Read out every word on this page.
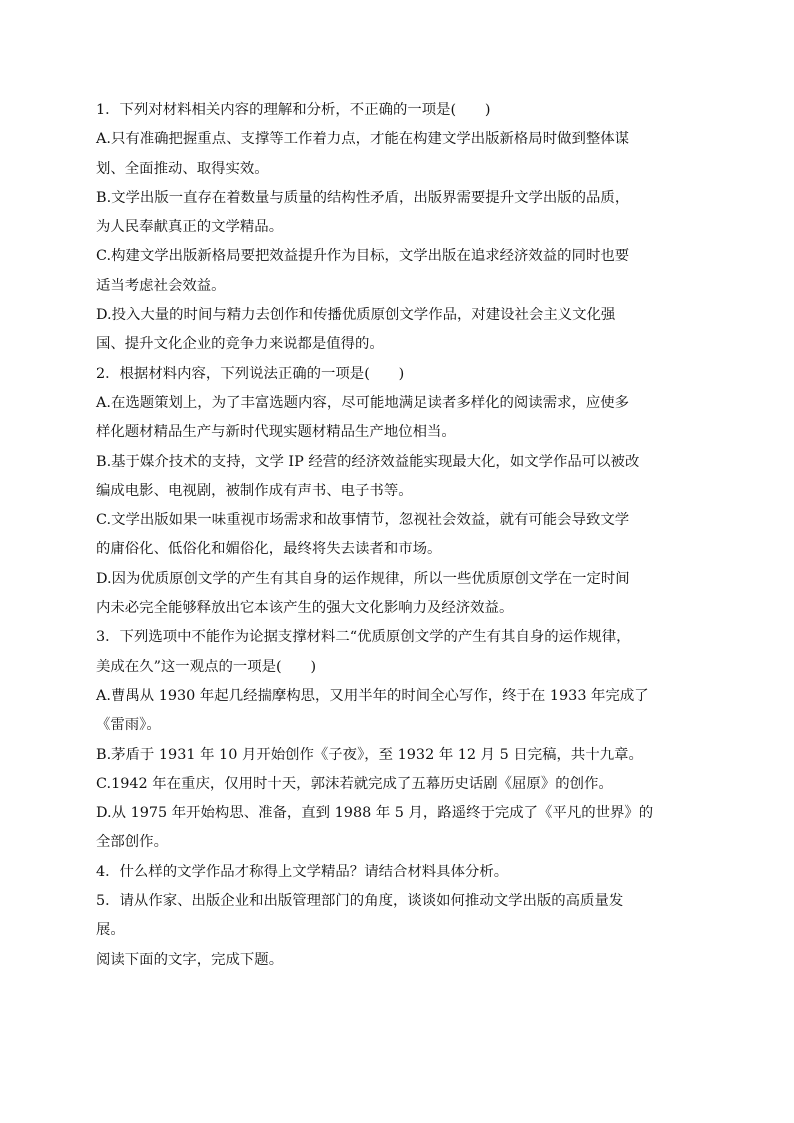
1．下列对材料相关内容的理解和分析，不正确的一项是(　　)

A.只有准确把握重点、支撑等工作着力点，才能在构建文学出版新格局时做到整体谋

划、全面推动、取得实效。

B.文学出版一直存在着数量与质量的结构性矛盾，出版界需要提升文学出版的品质，

为人民奉献真正的文学精品。

C.构建文学出版新格局要把效益提升作为目标，文学出版在追求经济效益的同时也要

适当考虑社会效益。

D.投入大量的时间与精力去创作和传播优质原创文学作品，对建设社会主义文化强

国、提升文化企业的竞争力来说都是值得的。

2．根据材料内容，下列说法正确的一项是(　　)

A.在选题策划上，为了丰富选题内容，尽可能地满足读者多样化的阅读需求，应使多

样化题材精品生产与新时代现实题材精品生产地位相当。

B.基于媒介技术的支持，文学 IP 经营的经济效益能实现最大化，如文学作品可以被改

编成电影、电视剧，被制作成有声书、电子书等。

C.文学出版如果一味重视市场需求和故事情节，忽视社会效益，就有可能会导致文学

的庸俗化、低俗化和媚俗化，最终将失去读者和市场。

D.因为优质原创文学的产生有其自身的运作规律，所以一些优质原创文学在一定时间

内未必完全能够释放出它本该产生的强大文化影响力及经济效益。

3．下列选项中不能作为论据支撑材料二“优质原创文学的产生有其自身的运作规律，

美成在久”这一观点的一项是(　　)

A.曹禺从 1930 年起几经揣摩构思，又用半年的时间全心写作，终于在 1933 年完成了

《雷雨》。

B.茅盾于 1931 年 10 月开始创作《子夜》，至 1932 年 12 月 5 日完稿，共十九章。

C.1942 年在重庆，仅用时十天，郭沫若就完成了五幕历史话剧《屈原》的创作。

D.从 1975 年开始构思、准备，直到 1988 年 5 月，路遥终于完成了《平凡的世界》的

全部创作。

4．什么样的文学作品才称得上文学精品？请结合材料具体分析。

5．请从作家、出版企业和出版管理部门的角度，谈谈如何推动文学出版的高质量发

展。

阅读下面的文字，完成下题。
